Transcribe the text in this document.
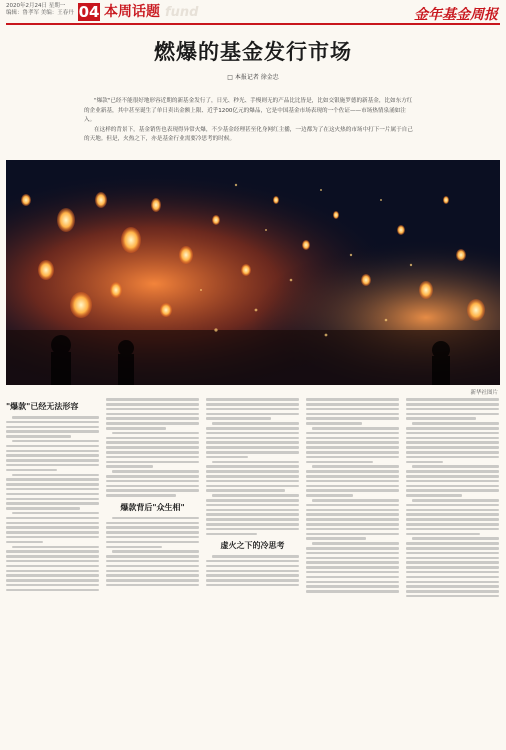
2020年2月24日 星期一
编辑：鲁孝军 美编：王春丹 04 本周话题 fund	金年基金周报
燃爆的基金发行市场
□ 本报记者 徐金忠

"爆款"已经不能很好地形容近期的新基金发行了，日光、秒光、手慢则无的产品比比皆是，比如交银施罗德的新基金，比如东方红的企业新基，其中甚至诞生了单日卖出金额上限、近乎1200亿元的爆品，它是中国基金市场表现的一个佐证——市场热情泉涌如注入。

在这样的背景下，基金销售也表现得异常火爆，不少基金经理甚至化身网红主播，一边都为了在这火热的市场中打下一片属于自己的天地。但是，火热之下，亦是基金行业需要冷思考的时候。

新华社图片
"爆款"已经无法形容
爆款背后"众生相"
虚火之下的冷思考
